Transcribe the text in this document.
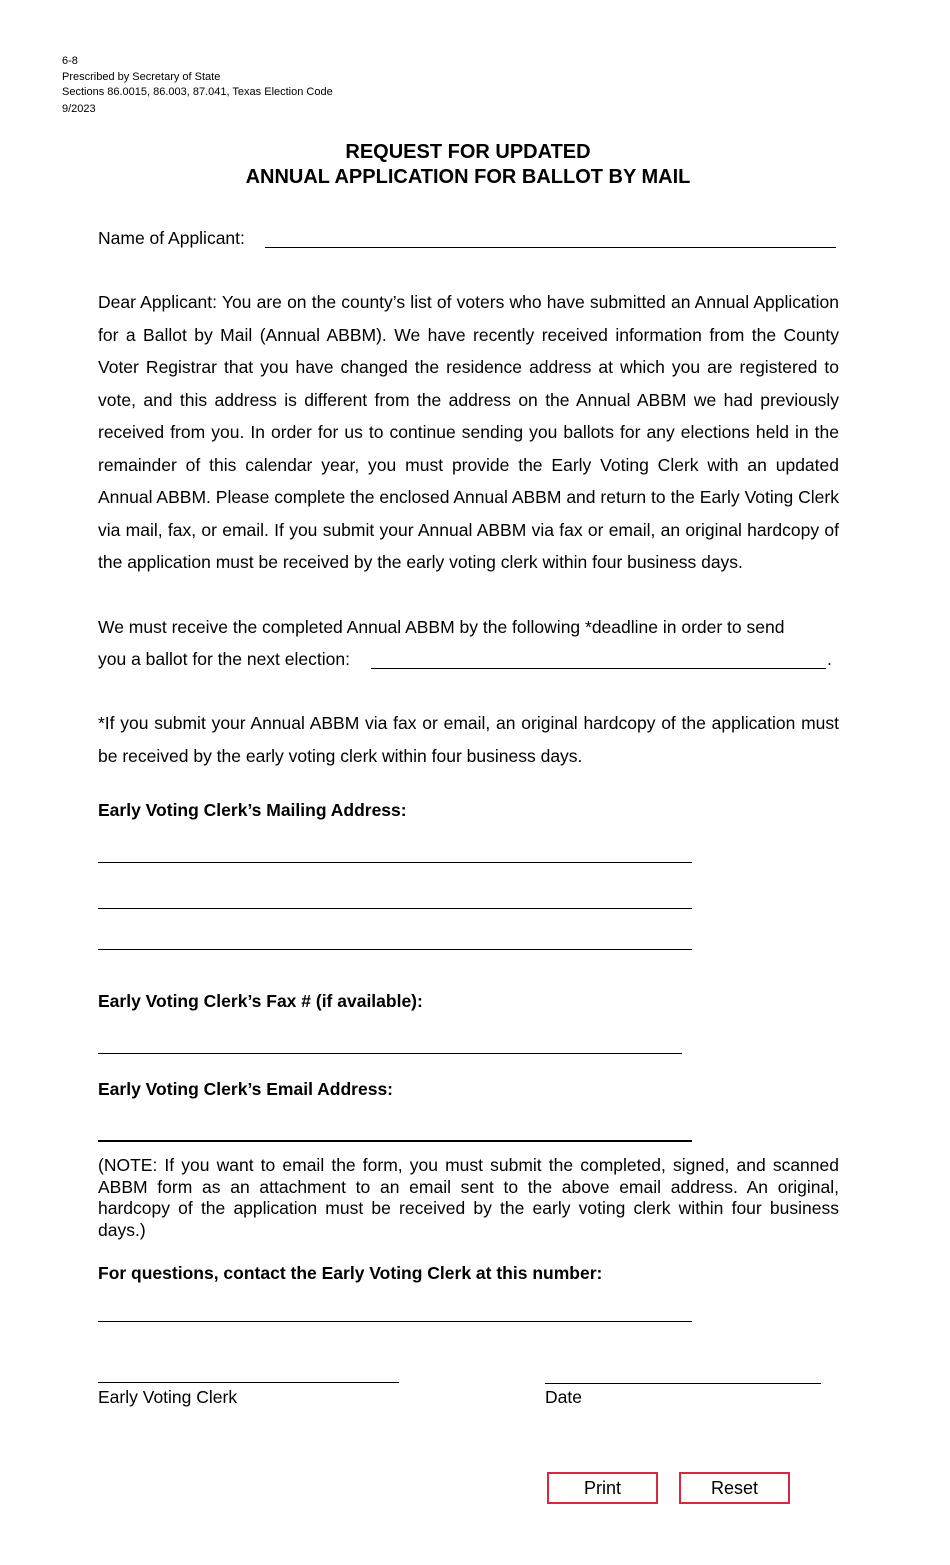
6-8
Prescribed by Secretary of State
Sections 86.0015, 86.003, 87.041, Texas Election Code
9/2023
REQUEST FOR UPDATED
ANNUAL APPLICATION FOR BALLOT BY MAIL
Name of Applicant:
Dear Applicant: You are on the county’s list of voters who have submitted an Annual Application for a Ballot by Mail (Annual ABBM). We have recently received information from the County Voter Registrar that you have changed the residence address at which you are registered to vote, and this address is different from the address on the Annual ABBM we had previously received from you. In order for us to continue sending you ballots for any elections held in the remainder of this calendar year, you must provide the Early Voting Clerk with an updated Annual ABBM. Please complete the enclosed Annual ABBM and return to the Early Voting Clerk via mail, fax, or email. If you submit your Annual ABBM via fax or email, an original hardcopy of the application must be received by the early voting clerk within four business days.
We must receive the completed Annual ABBM by the following *deadline in order to send
you a ballot for the next election:	.
*If you submit your Annual ABBM via fax or email, an original hardcopy of the application must be received by the early voting clerk within four business days.
Early Voting Clerk’s Mailing Address:
Early Voting Clerk’s Fax # (if available):
Early Voting Clerk’s Email Address:
(NOTE: If you want to email the form, you must submit the completed, signed, and scanned ABBM form as an attachment to an email sent to the above email address. An original, hardcopy of the application must be received by the early voting clerk within four business days.)
For questions, contact the Early Voting Clerk at this number:
Early Voting Clerk	Date
Print	Reset
